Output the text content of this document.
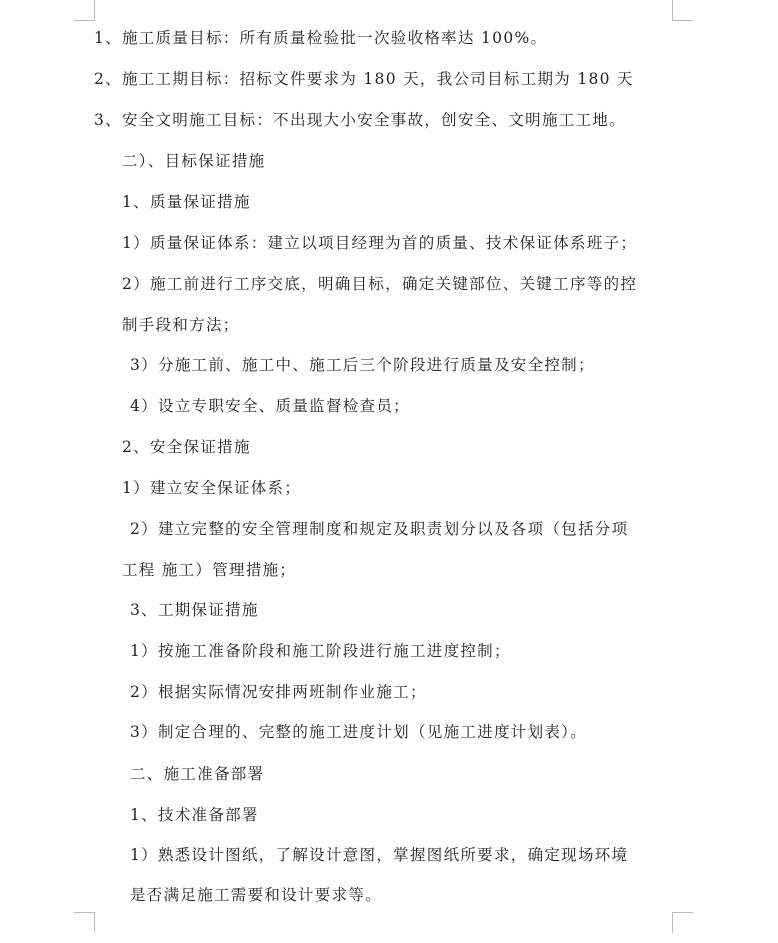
1、施工质量目标：所有质量检验批一次验收格率达 100%。
2、施工工期目标：招标文件要求为 180 天，我公司目标工期为 180 天
3、安全文明施工目标：不出现大小安全事故，创安全、文明施工工地。
二）、目标保证措施
1、质量保证措施
1）质量保证体系：建立以项目经理为首的质量、技术保证体系班子；
2）施工前进行工序交底，明确目标，确定关键部位、关键工序等的控
制手段和方法；
3）分施工前、施工中、施工后三个阶段进行质量及安全控制；
4）设立专职安全、质量监督检查员；
2、安全保证措施
1）建立安全保证体系；
2）建立完整的安全管理制度和规定及职责划分以及各项（包括分项
工程 施工）管理措施；
3、工期保证措施
1）按施工准备阶段和施工阶段进行施工进度控制；
2）根据实际情况安排两班制作业施工；
3）制定合理的、完整的施工进度计划（见施工进度计划表）。
二、施工准备部署
1、技术准备部署
1）熟悉设计图纸，了解设计意图，掌握图纸所要求，确定现场环境
是否满足施工需要和设计要求等。
